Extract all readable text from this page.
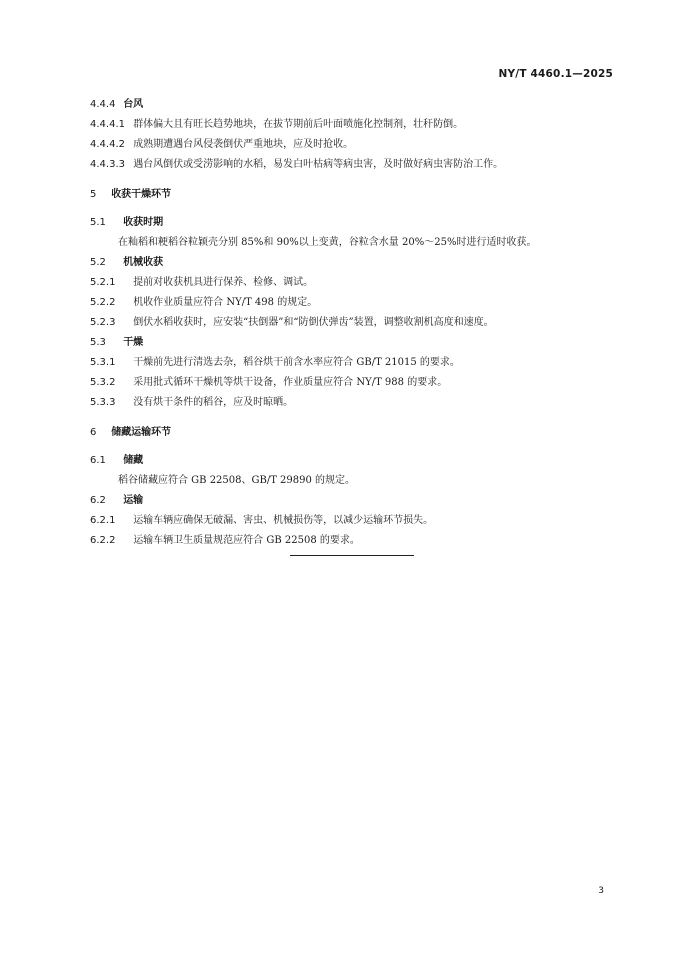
NY/T 4460.1—2025
4.4.4 台风
4.4.4.1 群体偏大且有旺长趋势地块，在拔节期前后叶面喷施化控制剂，壮秆防倒。
4.4.4.2 成熟期遭遇台风侵袭倒伏严重地块，应及时抢收。
4.4.3.3 遇台风倒伏或受涝影响的水稻，易发白叶枯病等病虫害，及时做好病虫害防治工作。
5 收获干燥环节
5.1 收获时期
在籼稻和粳稻谷粒颖壳分别 85%和 90%以上变黄，谷粒含水量 20%～25%时进行适时收获。
5.2 机械收获
5.2.1 提前对收获机具进行保养、检修、调试。
5.2.2 机收作业质量应符合 NY/T 498 的规定。
5.2.3 倒伏水稻收获时，应安装“扶倒器”和“防倒伏弹齿”装置，调整收割机高度和速度。
5.3 干燥
5.3.1 干燥前先进行清选去杂，稻谷烘干前含水率应符合 GB/T 21015 的要求。
5.3.2 采用批式循环干燥机等烘干设备，作业质量应符合 NY/T 988 的要求。
5.3.3 没有烘干条件的稻谷，应及时晾晒。
6 储藏运输环节
6.1 储藏
稻谷储藏应符合 GB 22508、GB/T 29890 的规定。
6.2 运输
6.2.1 运输车辆应确保无破漏、害虫、机械损伤等，以减少运输环节损失。
6.2.2 运输车辆卫生质量规范应符合 GB 22508 的要求。
3
